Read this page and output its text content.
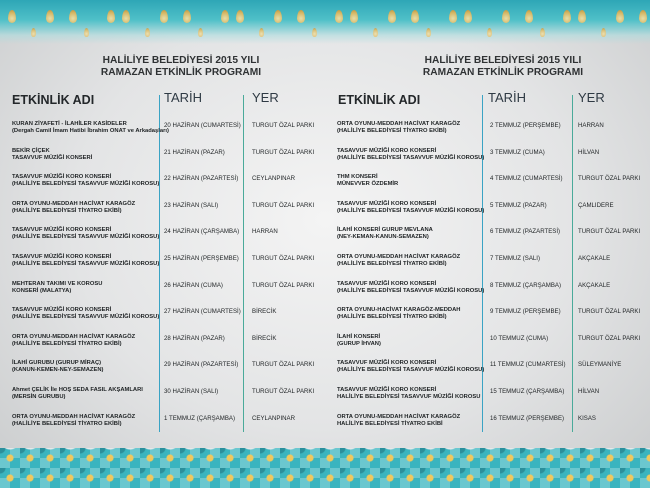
HALİLİYE BELEDİYESİ 2015 YILI
RAMAZAN ETKİNLİK PROGRAMI
HALİLİYE BELEDİYESİ 2015 YILI
RAMAZAN ETKİNLİK PROGRAMI
ETKİNLİK ADI	TARİH	YER	ETKİNLİK ADI	TARİH	YER
KURAN ZİYAFETİ - İLAHİLER KASİDELER
(Dergah Camil İmam Hatibi İbrahim ONAT ve Arkadaşları)
20 HAZİRAN (CUMARTESİ) TURGUT ÖZAL PARKI
BEKİR ÇİÇEK
TASAVVUF MÜZİĞİ KONSERİ
21 HAZİRAN (PAZAR)	TURGUT ÖZAL PARKI
TASAVVUF MÜZİĞİ KORO KONSERİ
(HALİLİYE BELEDİYESİ TASAVVUF MÜZİĞİ KOROSU)
22 HAZİRAN (PAZARTESİ) CEYLANPINAR
ORTA OYUNU-MEDDAH HACİVAT KARAGÖZ
(HALİLİYE BELEDİYESİ TİYATRO EKİBİ)
23 HAZİRAN (SALI)	TURGUT ÖZAL PARKI
TASAVVUF MÜZİĞİ KORO KONSERİ
(HALİLİYE BELEDİYESİ TASAVVUF MÜZİĞİ KOROSU)
24 HAZİRAN (ÇARŞAMBA) HARRAN
TASAVVUF MÜZİĞİ KORO KONSERİ
(HALİLİYE BELEDİYESİ TASAVVUF MÜZİĞİ KOROSU)
25 HAZİRAN (PERŞEMBE) TURGUT ÖZAL PARKI
MEHTERAN TAKIMI VE KOROSU
KONSERİ (MALATYA)
26 HAZİRAN (CUMA)	TURGUT ÖZAL PARKI
TASAVVUF MÜZİĞİ KORO KONSERİ
(HALİLİYE BELEDİYESİ TASAVVUF MÜZİĞİ KOROSU)
27 HAZİRAN (CUMARTESİ) BİRECİK
ORTA OYUNU-MEDDAH HACİVAT KARAGÖZ
(HALİLİYE BELEDİYESİ TİYATRO EKİBİ)
28 HAZİRAN (PAZAR)	BİRECİK
İLAHİ GURUBU (GURUP MİRAÇ)
(KANUN-KEMEN-NEY-SEMAZEN)
29 HAZİRAN (PAZARTESİ) TURGUT ÖZAL PARKI
Ahmet ÇELİK İle HOŞ SEDA FASIL AKŞAMLARI
(MERSİN GURUBU)
30 HAZİRAN (SALI)	TURGUT ÖZAL PARKI
ORTA OYUNU-MEDDAH HACİVAT KARAGÖZ
(HALİLİYE BELEDİYESİ TİYATRO EKİBİ)
1 TEMMUZ (ÇARŞAMBA)	CEYLANPINAR
ORTA OYUNU-MEDDAH HACİVAT KARAGÖZ
(HALİLİYE BELEDİYESİ TİYATRO EKİBİ)
2 TEMMUZ (PERŞEMBE)	HARRAN
TASAVVUF MÜZİĞİ KORO KONSERİ
(HALİLİYE BELEDİYESİ TASAVVUF MÜZİĞİ KOROSU)
3 TEMMUZ (CUMA)	HİLVAN
THM KONSERİ
MÜNEVVER ÖZDEMİR
4 TEMMUZ (CUMARTESİ)	TURGUT ÖZAL PARKI
TASAVVUF MÜZİĞİ KORO KONSERİ
(HALİLİYE BELEDİYESİ TASAVVUF MÜZİĞİ KOROSU)
5 TEMMUZ (PAZAR)	ÇAMLIDERE
İLAHİ KONSERİ GURUP MEVLANA
(NEY-KEMAN-KANUN-SEMAZEN)
6 TEMMUZ (PAZARTESİ)	TURGUT ÖZAL PARKI
ORTA OYUNU-MEDDAH HACİVAT KARAGÖZ
(HALİLİYE BELEDİYESİ TİYATRO EKİBİ)
7 TEMMUZ (SALI)	AKÇAKALE
TASAVVUF MÜZİĞİ KORO KONSERİ
(HALİLİYE BELEDİYESİ TASAVVUF MÜZİĞİ KOROSU)
8 TEMMUZ (ÇARŞAMBA)	AKÇAKALE
ORTA OYUNU-HACİVAT KARAGÖZ-MEDDAH
(HALİLİYE BELEDİYESİ TİYATRO EKİBİ)
9 TEMMUZ (PERŞEMBE)	TURGUT ÖZAL PARKI
İLAHİ KONSERİ
(GURUP İHVAN)
10 TEMMUZ (CUMA)	TURGUT ÖZAL PARKI
TASAVVUF MÜZİĞİ KORO KONSERİ
(HALİLİYE BELEDİYESİ TASAVVUF MÜZİĞİ KOROSU)
11 TEMMUZ (CUMARTESİ) SÜLEYMANİYE
TASAVVUF MÜZİĞİ KORO KONSERİ
HALİLİYE BELEDİYESİ TASAVVUF MÜZİĞİ KOROSU
15 TEMMUZ (ÇARŞAMBA) HİLVAN
ORTA OYUNU-MEDDAH HACİVAT KARAGÖZ
HALİLİYE BELEDİYESİ TİYATRO EKİBİ
16 TEMMUZ (PERŞEMBE) KISAS
